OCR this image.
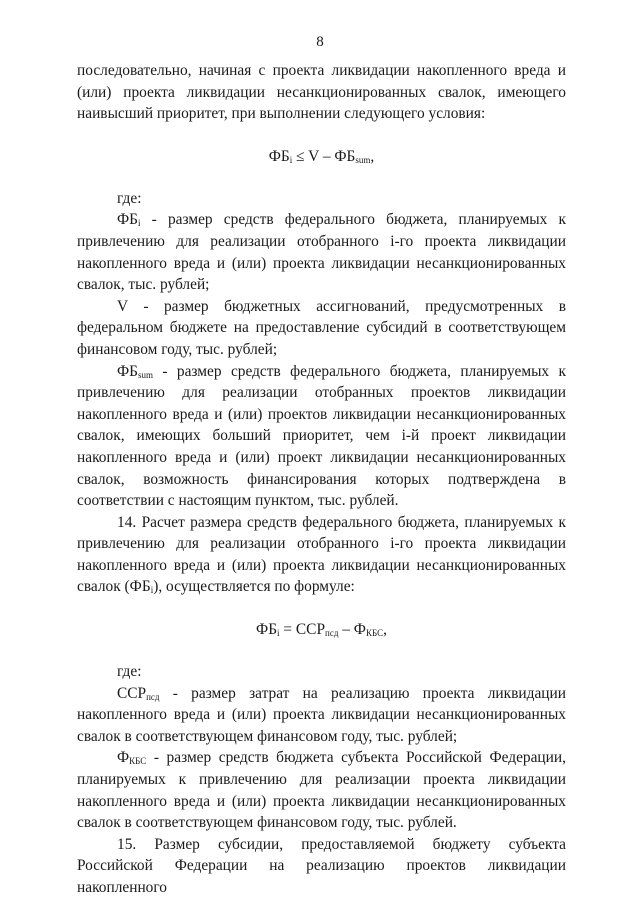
8

последовательно, начиная с проекта ликвидации накопленного вреда и (или) проекта ликвидации несанкционированных свалок, имеющего наивысший приоритет, при выполнении следующего условия:

$ФБ_i \le V - ФБ_{sum}$,

где:

$ФБ_i$ - размер средств федерального бюджета, планируемых к привлечению для реализации отобранного i-го проекта ликвидации накопленного вреда и (или) проекта ликвидации несанкционированных свалок, тыс. рублей;

V - размер бюджетных ассигнований, предусмотренных в федеральном бюджете на предоставление субсидий в соответствующем финансовом году, тыс. рублей;

$ФБ_{sum}$ - размер средств федерального бюджета, планируемых к привлечению для реализации отобранных проектов ликвидации накопленного вреда и (или) проектов ликвидации несанкционированных свалок, имеющих больший приоритет, чем i-й проект ликвидации накопленного вреда и (или) проект ликвидации несанкционированных свалок, возможность финансирования которых подтверждена в соответствии с настоящим пунктом, тыс. рублей.

14. Расчет размера средств федерального бюджета, планируемых к привлечению для реализации отобранного i-го проекта ликвидации накопленного вреда и (или) проекта ликвидации несанкционированных свалок $(ФБ_i)$, осуществляется по формуле:

$ФБ_i = ССР_{псд} - Ф_{КБС}$,

где:

$ССР_{псд}$ - размер затрат на реализацию проекта ликвидации накопленного вреда и (или) проекта ликвидации несанкционированных свалок в соответствующем финансовом году, тыс. рублей;

$Ф_{КБС}$ - размер средств бюджета субъекта Российской Федерации, планируемых к привлечению для реализации проекта ликвидации накопленного вреда и (или) проекта ликвидации несанкционированных свалок в соответствующем финансовом году, тыс. рублей.

15. Размер субсидии, предоставляемой бюджету субъекта Российской Федерации на реализацию проектов ликвидации накопленного
